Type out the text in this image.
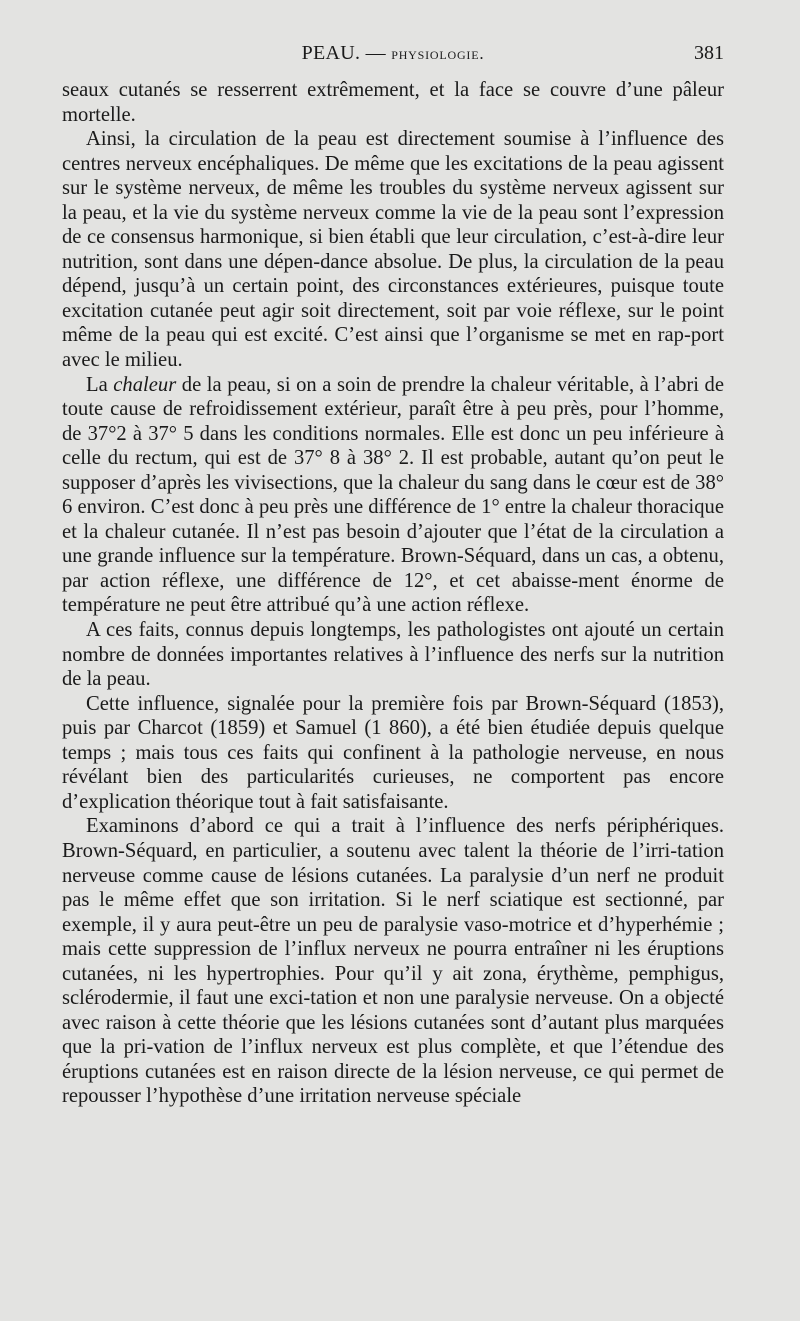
PEAU. — physiologie.	381

seaux cutanés se resserrent extrêmement, et la face se couvre d’une pâleur mortelle.

Ainsi, la circulation de la peau est directement soumise à l’influence des centres nerveux encéphaliques. De même que les excitations de la peau agissent sur le système nerveux, de même les troubles du système nerveux agissent sur la peau, et la vie du système nerveux comme la vie de la peau sont l’expression de ce consensus harmonique, si bien établi que leur circulation, c’est-à-dire leur nutrition, sont dans une dépen-dance absolue. De plus, la circulation de la peau dépend, jusqu’à un certain point, des circonstances extérieures, puisque toute excitation cutanée peut agir soit directement, soit par voie réflexe, sur le point même de la peau qui est excité. C’est ainsi que l’organisme se met en rap-port avec le milieu.

La chaleur de la peau, si on a soin de prendre la chaleur véritable, à l’abri de toute cause de refroidissement extérieur, paraît être à peu près, pour l’homme, de 37°2 à 37° 5 dans les conditions normales. Elle est donc un peu inférieure à celle du rectum, qui est de 37° 8 à 38° 2. Il est probable, autant qu’on peut le supposer d’après les vivisections, que la chaleur du sang dans le cœur est de 38° 6 environ. C’est donc à peu près une différence de 1° entre la chaleur thoracique et la chaleur cutanée. Il n’est pas besoin d’ajouter que l’état de la circulation a une grande influence sur la température. Brown-Séquard, dans un cas, a obtenu, par action réflexe, une différence de 12°, et cet abaisse-ment énorme de température ne peut être attribué qu’à une action réflexe.

A ces faits, connus depuis longtemps, les pathologistes ont ajouté un certain nombre de données importantes relatives à l’influence des nerfs sur la nutrition de la peau.

Cette influence, signalée pour la première fois par Brown-Séquard (1853), puis par Charcot (1859) et Samuel (1 860), a été bien étudiée depuis quelque temps ; mais tous ces faits qui confinent à la pathologie nerveuse, en nous révélant bien des particularités curieuses, ne comportent pas encore d’explication théorique tout à fait satisfaisante.

Examinons d’abord ce qui a trait à l’influence des nerfs périphériques. Brown-Séquard, en particulier, a soutenu avec talent la théorie de l’irri-tation nerveuse comme cause de lésions cutanées. La paralysie d’un nerf ne produit pas le même effet que son irritation. Si le nerf sciatique est sectionné, par exemple, il y aura peut-être un peu de paralysie vaso-motrice et d’hyperhémie ; mais cette suppression de l’influx nerveux ne pourra entraîner ni les éruptions cutanées, ni les hypertrophies. Pour qu’il y ait zona, érythème, pemphigus, sclérodermie, il faut une exci-tation et non une paralysie nerveuse. On a objecté avec raison à cette théorie que les lésions cutanées sont d’autant plus marquées que la pri-vation de l’influx nerveux est plus complète, et que l’étendue des éruptions cutanées est en raison directe de la lésion nerveuse, ce qui permet de repousser l’hypothèse d’une irritation nerveuse spéciale
